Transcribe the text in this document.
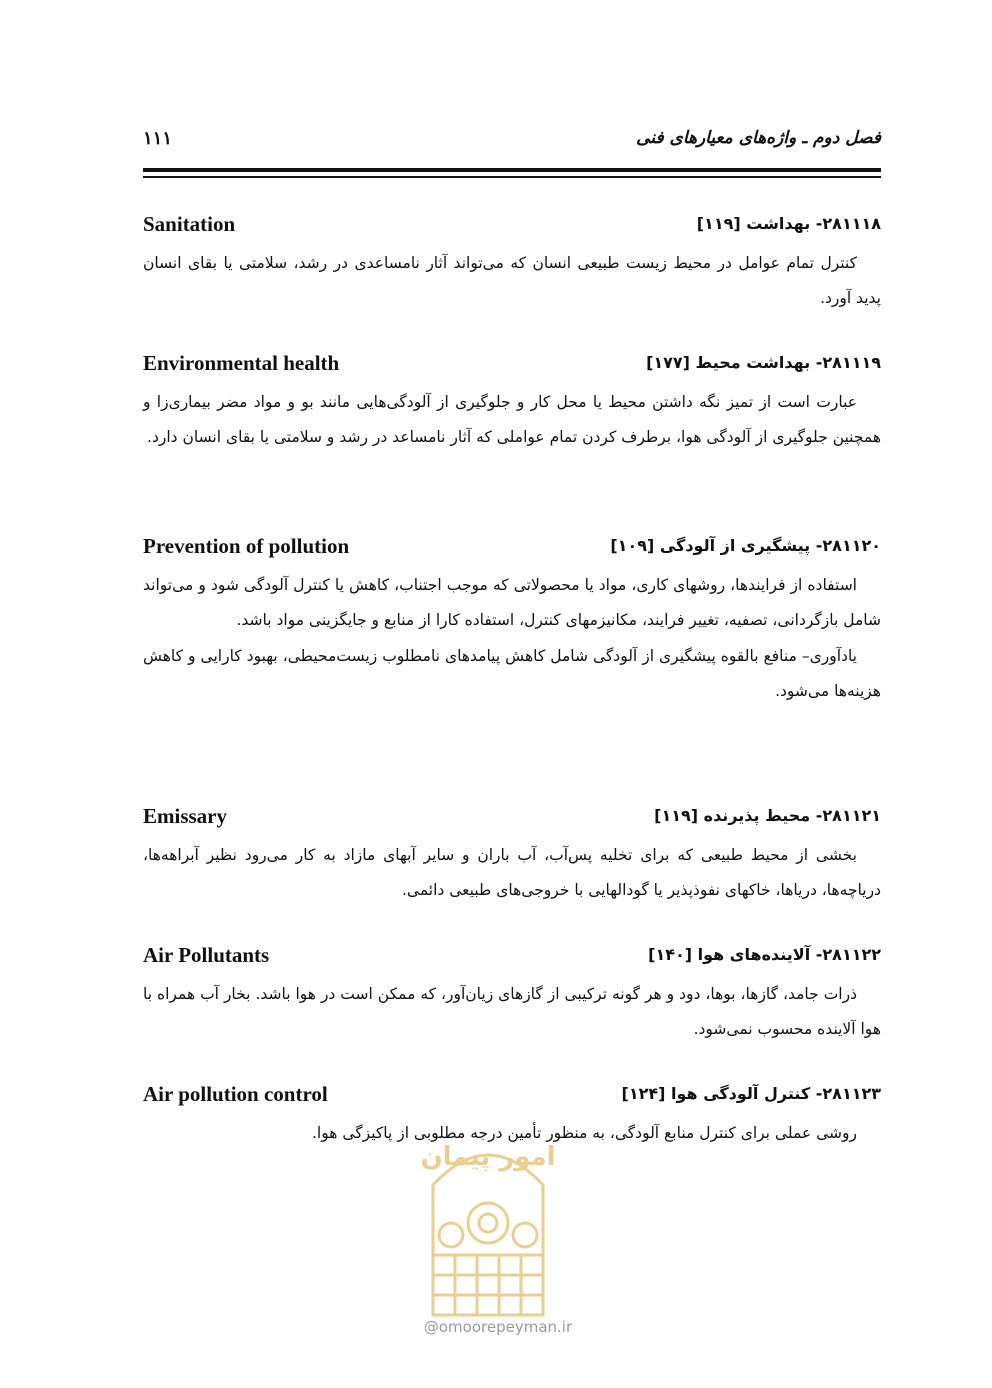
فصل دوم ـ واژه‌های معیارهای فنی
۱۱۱
۲۸۱۱۱۸- بهداشت [۱۱۹]
Sanitation

کنترل تمام عوامل در محیط زیست طبیعی انسان که می‌تواند آثار نامساعدی در رشد، سلامتی یا بقای انسان پدید آورد.

۲۸۱۱۱۹- بهداشت محیط [۱۷۷]
Environmental health

عبارت است از تمیز نگه داشتن محیط یا محل کار و جلوگیری از آلودگی‌هایی مانند بو و مواد مضر بیماری‌زا و همچنین جلوگیری از آلودگی هوا، برطرف کردن تمام عواملی که آثار نامساعد در رشد و سلامتی یا بقای انسان دارد.

۲۸۱۱۲۰- پیشگیری از آلودگی [۱۰۹]
Prevention of pollution

استفاده از فرایندها، روشهای کاری، مواد یا محصولاتی که موجب اجتناب، کاهش یا کنترل آلودگی شود و می‌تواند شامل بازگردانی، تصفیه، تغییر فرایند، مکانیزمهای کنترل، استفاده کارا از منابع و جایگزینی مواد باشد.

یادآوری– منافع بالقوه پیشگیری از آلودگی شامل کاهش پیامدهای نامطلوب زیست‌محیطی، بهبود کارایی و کاهش هزینه‌ها می‌شود.

۲۸۱۱۲۱- محیط پذیرنده [۱۱۹]
Emissary

بخشی از محیط طبیعی که برای تخلیه پس‌آب، آب باران و سایر آبهای مازاد به کار می‌رود نظیر آبراهه‌ها، دریاچه‌ها، دریاها، خاکهای نفوذپذیر یا گودالهایی با خروجی‌های طبیعی دائمی.

۲۸۱۱۲۲- آلاینده‌های هوا [۱۴۰]
Air Pollutants

ذرات جامد، گازها، بوها، دود و هر گونه ترکیبی از گازهای زیان‌آور، که ممکن است در هوا باشد. بخار آب همراه با هوا آلاینده محسوب نمی‌شود.

۲۸۱۱۲۳- کنترل آلودگی هوا [۱۲۴]
Air pollution control

روشی عملی برای کنترل منابع آلودگی، به منظور تأمین درجه مطلوبی از پاکیزگی هوا.

امور پیمان
@omoorepeyman.ir
